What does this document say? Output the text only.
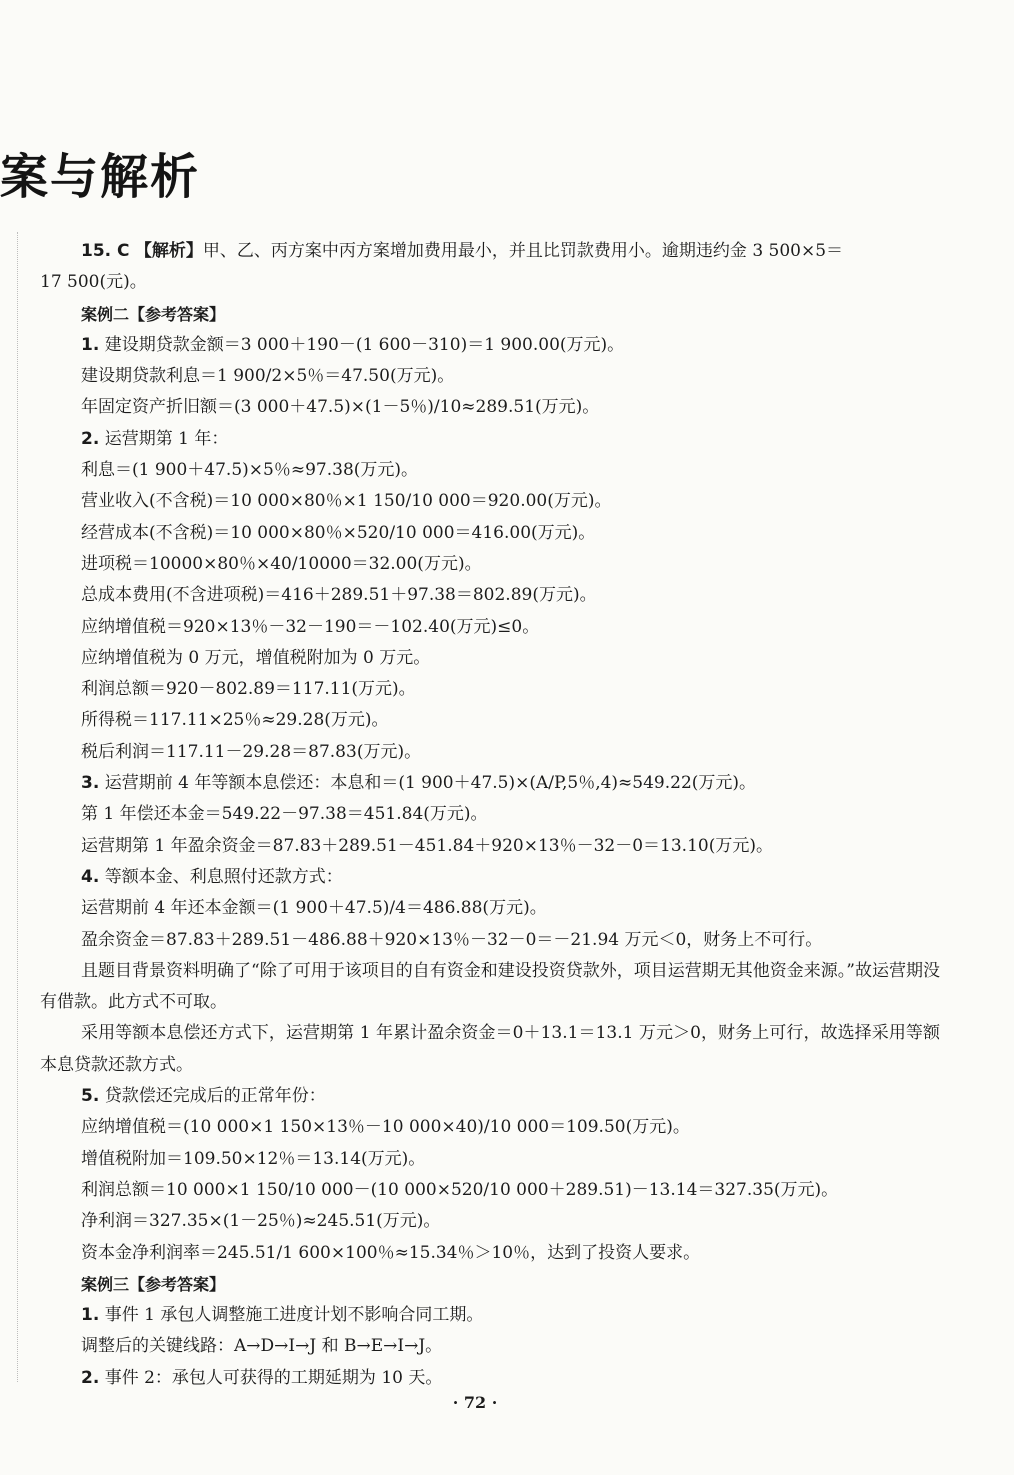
案与解析
15. C 【解析】甲、乙、丙方案中丙方案增加费用最小，并且比罚款费用小。逾期违约金 3 500×5＝
17 500(元)。
案例二【参考答案】
1. 建设期贷款金额＝3 000＋190－(1 600－310)＝1 900.00(万元)。
建设期贷款利息＝1 900/2×5％＝47.50(万元)。
年固定资产折旧额＝(3 000＋47.5)×(1－5％)/10≈289.51(万元)。
2. 运营期第 1 年：
利息＝(1 900＋47.5)×5％≈97.38(万元)。
营业收入(不含税)＝10 000×80％×1 150/10 000＝920.00(万元)。
经营成本(不含税)＝10 000×80％×520/10 000＝416.00(万元)。
进项税＝10000×80％×40/10000＝32.00(万元)。
总成本费用(不含进项税)＝416＋289.51＋97.38＝802.89(万元)。
应纳增值税＝920×13％－32－190＝－102.40(万元)≤0。
应纳增值税为 0 万元，增值税附加为 0 万元。
利润总额＝920－802.89＝117.11(万元)。
所得税＝117.11×25％≈29.28(万元)。
税后利润＝117.11－29.28＝87.83(万元)。
3. 运营期前 4 年等额本息偿还：本息和＝(1 900＋47.5)×(A/P,5％,4)≈549.22(万元)。
第 1 年偿还本金＝549.22－97.38＝451.84(万元)。
运营期第 1 年盈余资金＝87.83＋289.51－451.84＋920×13％－32－0＝13.10(万元)。
4. 等额本金、利息照付还款方式：
运营期前 4 年还本金额＝(1 900＋47.5)/4＝486.88(万元)。
盈余资金＝87.83＋289.51－486.88＋920×13％－32－0＝－21.94 万元＜0，财务上不可行。
且题目背景资料明确了“除了可用于该项目的自有资金和建设投资贷款外，项目运营期无其他资金来源。”故运营期没有借款。此方式不可取。
采用等额本息偿还方式下，运营期第 1 年累计盈余资金＝0＋13.1＝13.1 万元＞0，财务上可行，故选择采用等额本息贷款还款方式。
5. 贷款偿还完成后的正常年份：
应纳增值税＝(10 000×1 150×13％－10 000×40)/10 000＝109.50(万元)。
增值税附加＝109.50×12％＝13.14(万元)。
利润总额＝10 000×1 150/10 000－(10 000×520/10 000＋289.51)－13.14＝327.35(万元)。
净利润＝327.35×(1－25％)≈245.51(万元)。
资本金净利润率＝245.51/1 600×100％≈15.34％＞10％，达到了投资人要求。
案例三【参考答案】
1. 事件 1 承包人调整施工进度计划不影响合同工期。
调整后的关键线路：A→D→I→J 和 B→E→I→J。
2. 事件 2：承包人可获得的工期延期为 10 天。
· 72 ·
